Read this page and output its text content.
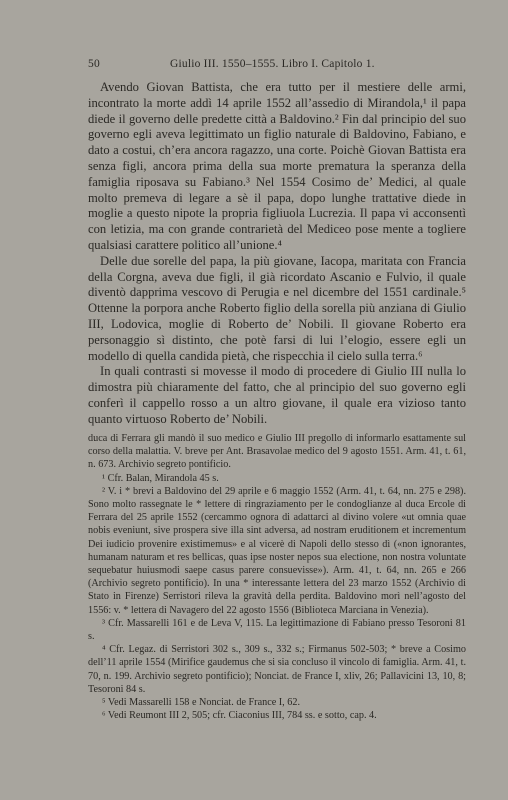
50	Giulio III. 1550–1555. Libro I. Capitolo 1.

Avendo Giovan Battista, che era tutto per il mestiere delle armi, incontrato la morte addì 14 aprile 1552 all’assedio di Mirandola,¹ il papa diede il governo delle predette città a Baldovino.² Fin dal principio del suo governo egli aveva legittimato un figlio naturale di Baldovino, Fabiano, e dato a costui, ch’era ancora ragazzo, una corte. Poichè Giovan Battista era senza figli, ancora prima della sua morte prematura la speranza della famiglia riposava su Fabiano.³ Nel 1554 Cosimo de’ Medici, al quale molto premeva di legare a sè il papa, dopo lunghe trattative diede in moglie a questo nipote la propria figliuola Lucrezia. Il papa vi acconsentì con letizia, ma con grande contrarietà del Mediceo pose mente a togliere qualsiasi carattere politico all’unione.⁴

Delle due sorelle del papa, la più giovane, Iacopa, maritata con Francia della Corgna, aveva due figli, il già ricordato Ascanio e Fulvio, il quale diventò dapprima vescovo di Perugia e nel dicembre del 1551 cardinale.⁵ Ottenne la porpora anche Roberto figlio della sorella più anziana di Giulio III, Lodovica, moglie di Roberto de’ Nobili. Il giovane Roberto era personaggio sì distinto, che potè farsi di lui l’elogio, essere egli un modello di quella candida pietà, che rispecchia il cielo sulla terra.⁶

In quali contrasti si movesse il modo di procedere di Giulio III nulla lo dimostra più chiaramente del fatto, che al principio del suo governo egli conferì il cappello rosso a un altro giovane, il quale era vizioso tanto quanto virtuoso Roberto de’ Nobili.

duca di Ferrara gli mandò il suo medico e Giulio III pregollo di informarlo esattamente sul corso della malattia. V. breve per Ant. Brasavolae medico del 9 agosto 1551. Arm. 41, t. 61, n. 673. Archivio segreto pontificio.

¹ Cfr. Balan, Mirandola 45 s.

² V. i * brevi a Baldovino del 29 aprile e 6 maggio 1552 (Arm. 41, t. 64, nn. 275 e 298). Sono molto rassegnate le * lettere di ringraziamento per le condoglianze al duca Ercole di Ferrara del 25 aprile 1552 (cercammo ognora di adattarci al divino volere «ut omnia quae nobis eveniunt, sive prospera sive illa sint adversa, ad nostram eruditionem et incrementum Dei iudicio provenire existimemus» e al vicerè di Napoli dello stesso dì («non ignorantes, humanam naturam et res bellicas, quas ipse noster nepos sua electione, non nostra voluntate sequebatur huiusmodi saepe casus parere consuevisse»). Arm. 41, t. 64, nn. 265 e 266 (Archivio segreto pontificio). In una * interessante lettera del 23 marzo 1552 (Archivio di Stato in Firenze) Serristori rileva la gravità della perdita. Baldovino morì nell’agosto del 1556: v. * lettera di Navagero del 22 agosto 1556 (Biblioteca Marciana in Venezia).

³ Cfr. Massarelli 161 e de Leva V, 115. La legittimazione di Fabiano presso Tesoroni 81 s.

⁴ Cfr. Legaz. di Serristori 302 s., 309 s., 332 s.; Firmanus 502-503; * breve a Cosimo dell’11 aprile 1554 (Mirifice gaudemus che si sia concluso il vincolo di famiglia. Arm. 41, t. 70, n. 199. Archivio segreto pontificio); Nonciat. de France I, xliv, 26; Pallavicini 13, 10, 8; Tesoroni 84 s.

⁵ Vedi Massarelli 158 e Nonciat. de France I, 62.

⁶ Vedi Reumont III 2, 505; cfr. Ciaconius III, 784 ss. e sotto, cap. 4.
